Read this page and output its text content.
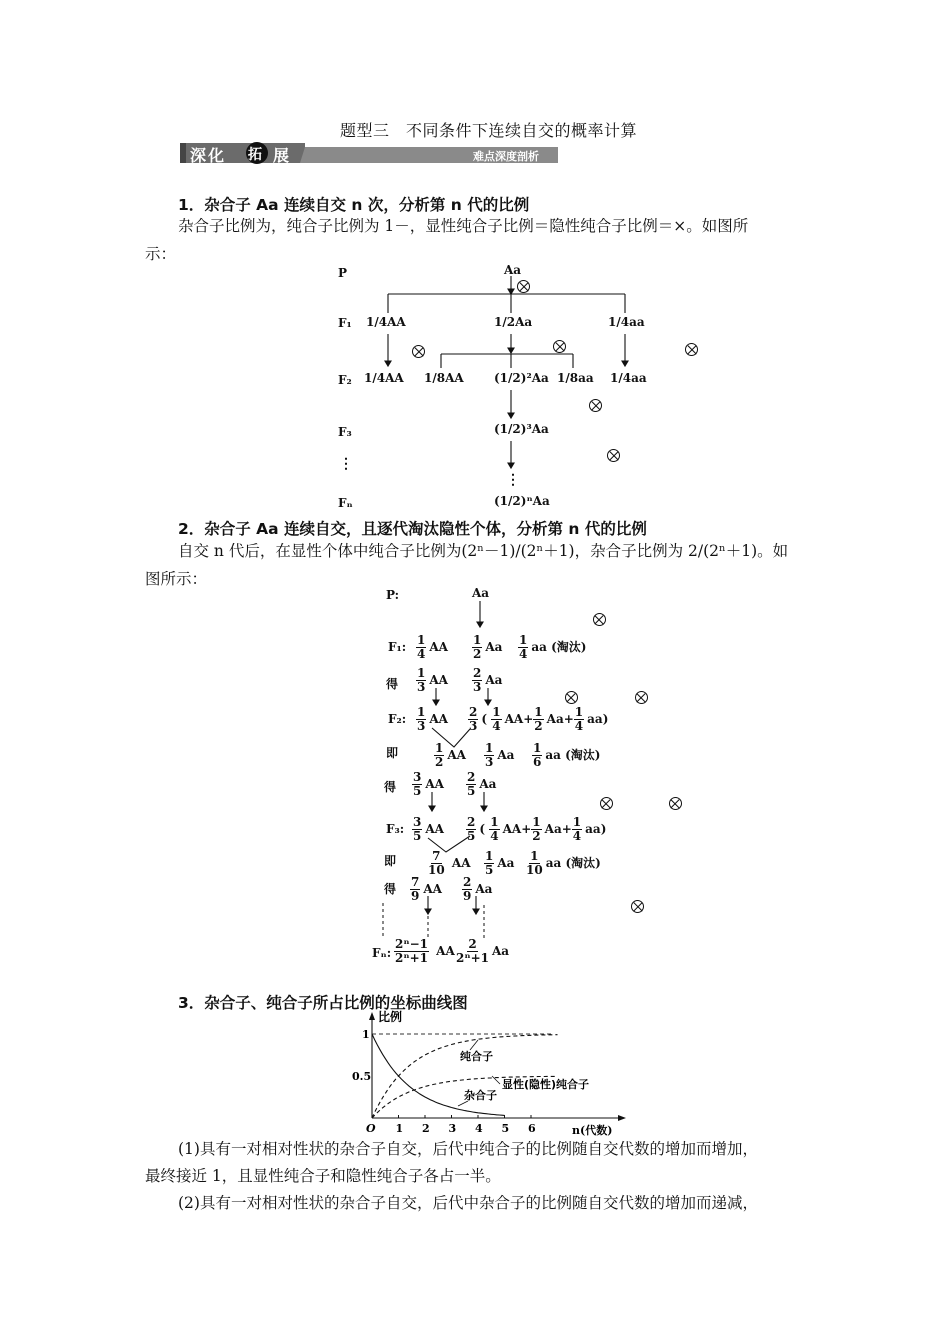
题型三　不同条件下连续自交的概率计算
深化 拓 展	难点深度剖析
1．杂合子 Aa 连续自交 n 次，分析第 n 代的比例
杂合子比例为，纯合子比例为 1－，显性纯合子比例＝隐性纯合子比例＝×。如图所
示：
P	Aa

F₁ 1/4AA	1/2Aa	1/4aa
F₂ 1/4AA 1/8AA	(1/2)²Aa 1/8aa 1/4aa
F₃	(1/2)³Aa
⋮
⋮
Fₙ	(1/2)ⁿAa
2．杂合子 Aa 连续自交，且逐代淘汰隐性个体，分析第 n 代的比例
自交 n 代后，在显性个体中纯合子比例为(2ⁿ－1)/(2ⁿ＋1)，杂合子比例为 2/(2ⁿ＋1)。如
图所示：
P:	Aa

F₁: $\frac{1}{4}$ AA $\frac{1}{2}$ Aa $\frac{1}{4}$ aa (淘汰)
得 $\frac{1}{3}$ AA $\frac{2}{3}$ Aa

F₂: $\frac{1}{3}$ AA $\frac{2}{3}$ ( $\frac{1}{4} AA+ \frac{1}{2} Aa+ \frac{1}{4} aa$)
即	$\frac{1}{2}$ AA $\frac{1}{3}$ Aa $\frac{1}{6}$ aa (淘汰)
得 $\frac{3}{5}$ AA $\frac{2}{5}$ Aa

F₃: $\frac{3}{5}$ AA $\frac{2}{5}$ ( $\frac{1}{4} AA+ \frac{1}{2} Aa+ \frac{1}{4} aa$)
即	$\frac{7}{10}$ AA $\frac{1}{5}$ Aa $\frac{1}{10}$ aa (淘汰)
得 $\frac{7}{9}$ AA $\frac{2}{9}$ Aa
Fₙ: $\frac{\text{2ⁿ−1}}{\text{2ⁿ+1}}$ AA $\frac{2}{\text{2ⁿ+1}}$ Aa
3．杂合子、纯合子所占比例的坐标曲线图
比例
n(代数)
O 1 2 3 4 5 6
1
0.5
纯合子
显性(隐性)纯合子
杂合子
(1)具有一对相对性状的杂合子自交，后代中纯合子的比例随自交代数的增加而增加，
最终接近 1，且显性纯合子和隐性纯合子各占一半。
(2)具有一对相对性状的杂合子自交，后代中杂合子的比例随自交代数的增加而递减，
